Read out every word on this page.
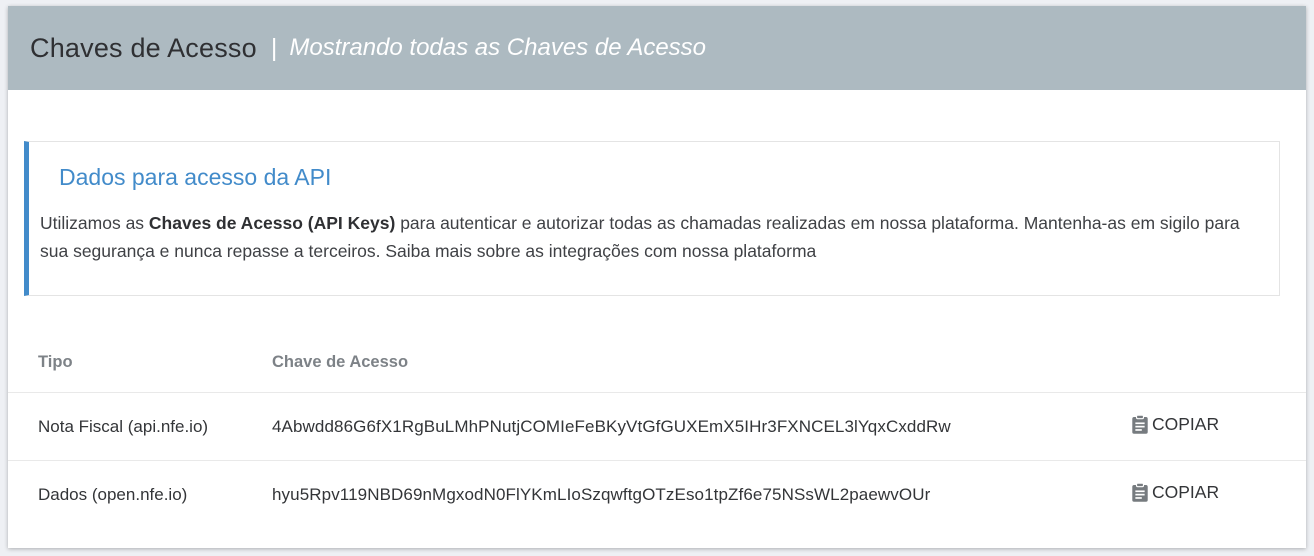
Chaves de Acesso | Mostrando todas as Chaves de Acesso
Dados para acesso da API

Utilizamos as Chaves de Acesso (API Keys) para autenticar e autorizar todas as chamadas realizadas em nossa plataforma. Mantenha-as em sigilo para sua segurança e nunca repasse a terceiros. Saiba mais sobre as integrações com nossa plataforma

Tipo	Chave de Acesso
Nota Fiscal (api.nfe.io)	4Abwdd86G6fX1RgBuLMhPNutjCOMIeFeBKyVtGfGUXEmX5IHr3FXNCEL3lYqxCxddRw	COPIAR
Dados (open.nfe.io)	hyu5Rpv119NBD69nMgxodN0FlYKmLIoSzqwftgOTzEso1tpZf6e75NSsWL2paewvOUr	COPIAR
